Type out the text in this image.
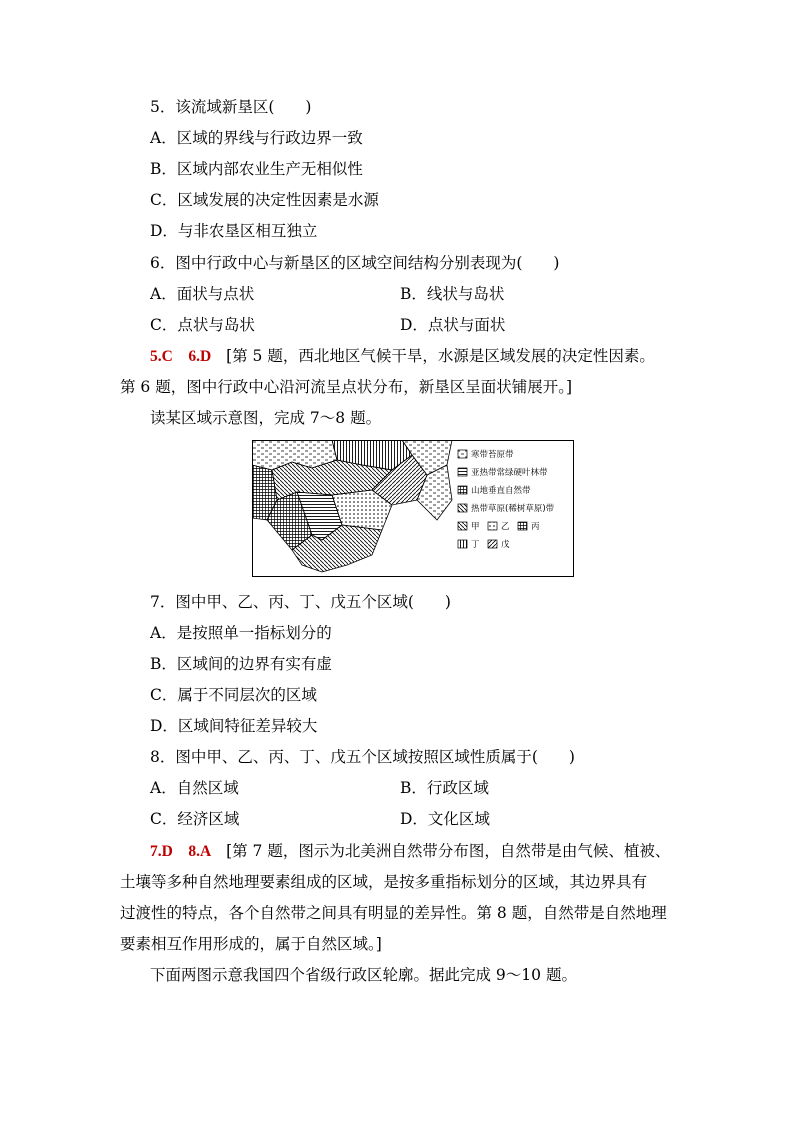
5．该流域新垦区(　　)
A．区域的界线与行政边界一致
B．区域内部农业生产无相似性
C．区域发展的决定性因素是水源
D．与非农垦区相互独立
6．图中行政中心与新垦区的区域空间结构分别表现为(　　)
A．面状与点状	B．线状与岛状
C．点状与岛状	D．点状与面状
5.C　6.D [第 5 题，西北地区气候干旱，水源是区域发展的决定性因素。
第 6 题，图中行政中心沿河流呈点状分布，新垦区呈面状铺展开。]
读某区域示意图，完成 7～8 题。
寒带苔原带
亚热带常绿硬叶林带
山地垂直自然带
热带草原(稀树草原)带
甲	乙	丙
丁	戊
7．图中甲、乙、丙、丁、戊五个区域(　　)
A．是按照单一指标划分的
B．区域间的边界有实有虚
C．属于不同层次的区域
D．区域间特征差异较大
8．图中甲、乙、丙、丁、戊五个区域按照区域性质属于(　　)
A．自然区域	B．行政区域
C．经济区域	D．文化区域
7.D　8.A [第 7 题，图示为北美洲自然带分布图，自然带是由气候、植被、
土壤等多种自然地理要素组成的区域，是按多重指标划分的区域，其边界具有
过渡性的特点，各个自然带之间具有明显的差异性。第 8 题，自然带是自然地理
要素相互作用形成的，属于自然区域。]
下面两图示意我国四个省级行政区轮廓。据此完成 9～10 题。
